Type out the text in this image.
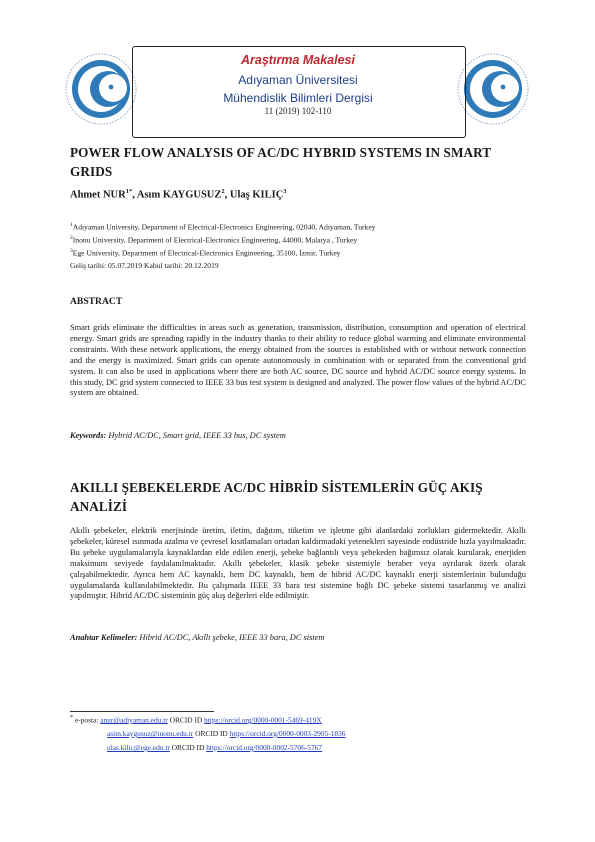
Araştırma Makalesi
Adıyaman Üniversitesi
Mühendislik Bilimleri Dergisi
11 (2019) 102-110
POWER FLOW ANALYSIS OF AC/DC HYBRID SYSTEMS IN SMART
GRIDS
Ahmet $NUR^{1*}$, Asım KAYGUSUZ$^2$, Ulaş KILIÇ$^3$
$^1$Adıyaman University, Department of Electrical-Electronics Engineering, 02040, Adıyaman, Turkey
$^2$Inonu University, Department of Electrical-Electronics Engineering, 44000, Malatya , Turkey
$^3$Ege University, Department of Electrical-Electronics Engineering, 35100, İzmir, Turkey
Geliş tarihi: 05.07.2019 Kabul tarihi: 20.12.2019
ABSTRACT
Smart grids eliminate the difficulties in areas such as generation, transmission, distribution, consumption and operation of electrical energy. Smart grids are spreading rapidly in the industry thanks to their ability to reduce global warming and eliminate environmental constraints. With these network applications, the energy obtained from the sources is established with or without network connection and the energy is maximized. Smart grids can operate autonomously in combination with or separated from the conventional grid system. It can also be used in applications where there are both AC source, DC source and hybrid AC/DC source energy systems. In this study, DC grid system connected to IEEE 33 bus test system is designed and analyzed. The power flow values of the hybrid AC/DC system are obtained.
Keywords: Hybrid AC/DC, Smart grid, IEEE 33 bus, DC system
AKILLI ŞEBEKELERDE AC/DC HİBRİD SİSTEMLERİN GÜÇ AKIŞ
ANALİZİ
Akıllı şebekeler, elektrik enerjisinde üretim, iletim, dağıtım, tüketim ve işletme gibi alanlardaki zorlukları gidermektedir. Akıllı şebekeler, küresel ısınmada azalma ve çevresel kısıtlamaları ortadan kaldırmadaki yetenekleri sayesinde endüstride hızla yayılmaktadır. Bu şebeke uygulamalarıyla kaynaklardan elde edilen enerji, şebeke bağlantılı veya şebekeden bağımsız olarak kurularak, enerjiden maksimum seviyede faydalanılmaktadır. Akıllı şebekeler, klasik şebeke sistemiyle beraber veya ayrılarak özerk olarak çalışabilmektedir. Ayrıca hem AC kaynaklı, hem DC kaynaklı, hem de hibrid AC/DC kaynaklı enerji sistemlerinin bulunduğu uygulamalarda kullanılabilmektedir. Bu çalışmada IEEE 33 bara test sistemine bağlı DC şebeke sistemi tasarlanmış ve analizi yapılmıştır. Hibrid AC/DC sisteminin güç akış değerleri elde edilmiştir.
Anahtar Kelimeler: Hibrid AC/DC, Akıllı şebeke, IEEE 33 bara, DC sistem
* e-posta: anur@adiyaman.edu.tr ORCID ID https://orcid.org/0000-0001-5469-419X
asim.kaygusuz@inonu.edu.tr ORCID ID https://orcid.org/0000-0003-2905-1836
ulas.kilic@ege.edu.tr ORCID ID https://orcid.org/0000-0002-5706-5767
